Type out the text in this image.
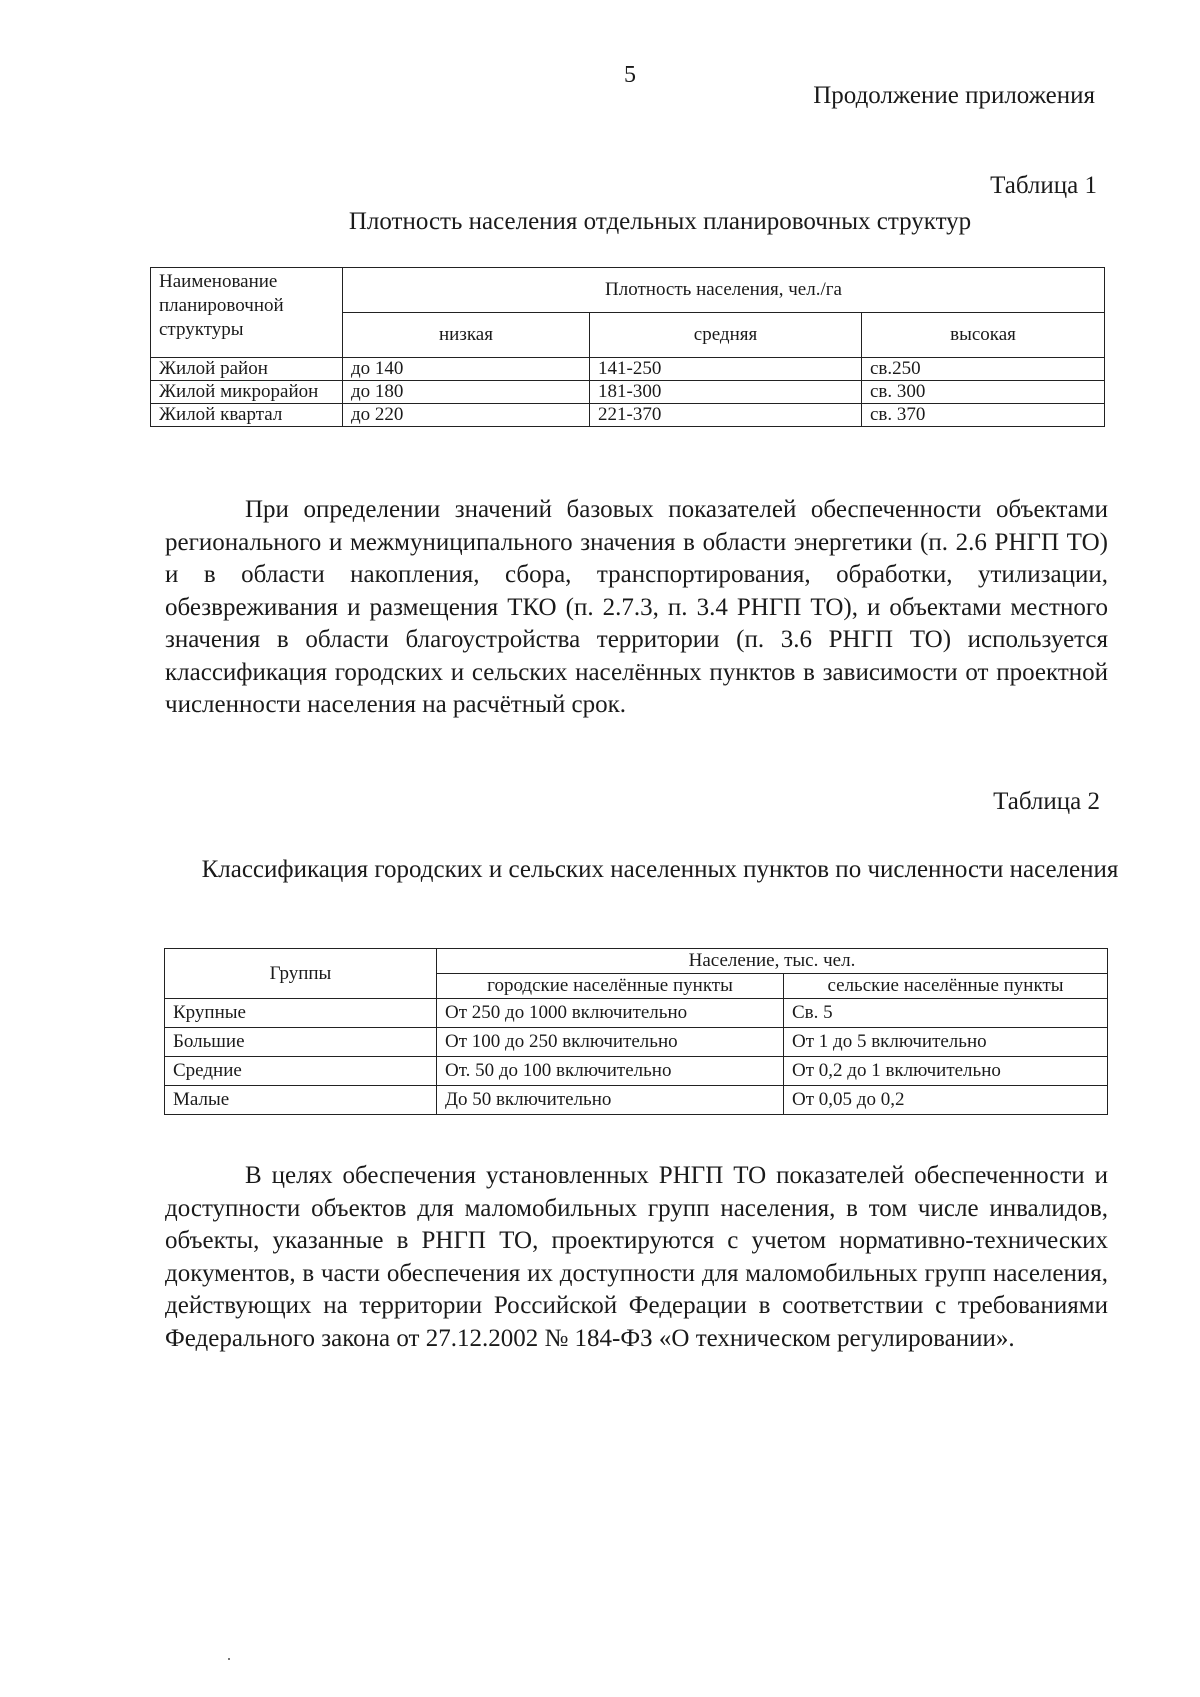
5
Продолжение приложения
Таблица 1
Плотность населения отдельных планировочных структур
Наименование планировочной структуры	Плотность населения, чел./га		
	низкая	средняя	высокая
Жилой район	до 140	141-250	св.250
Жилой микрорайон	до 180	181-300	св. 300
Жилой квартал	до 220	221-370	св. 370
При определении значений базовых показателей обеспеченности объектами регионального и межмуниципального значения в области энергетики (п. 2.6 РНГП ТО) и в области накопления, сбора, транспортирования, обработки, утилизации, обезвреживания и размещения ТКО (п. 2.7.3, п. 3.4 РНГП ТО), и объектами местного значения в области благоустройства территории (п. 3.6 РНГП ТО) используется классификация городских и сельских населённых пунктов в зависимости от проектной численности населения на расчётный срок.
Таблица 2
Классификация городских и сельских населенных пунктов по численности населения
Группы	Население, тыс. чел.	
	городские населённые пункты	сельские населённые пункты
Крупные	От 250 до 1000 включительно	Св. 5
Большие	От 100 до 250 включительно	От 1 до 5 включительно
Средние	От. 50 до 100 включительно	От 0,2 до 1 включительно
Малые	До 50 включительно	От 0,05 до 0,2
В целях обеспечения установленных РНГП ТО показателей обеспеченности и доступности объектов для маломобильных групп населения, в том числе инвалидов, объекты, указанные в РНГП ТО, проектируются с учетом нормативно-технических документов, в части обеспечения их доступности для маломобильных групп населения, действующих на территории Российской Федерации в соответствии с требованиями Федерального закона от 27.12.2002 № 184-ФЗ «О техническом регулировании».
